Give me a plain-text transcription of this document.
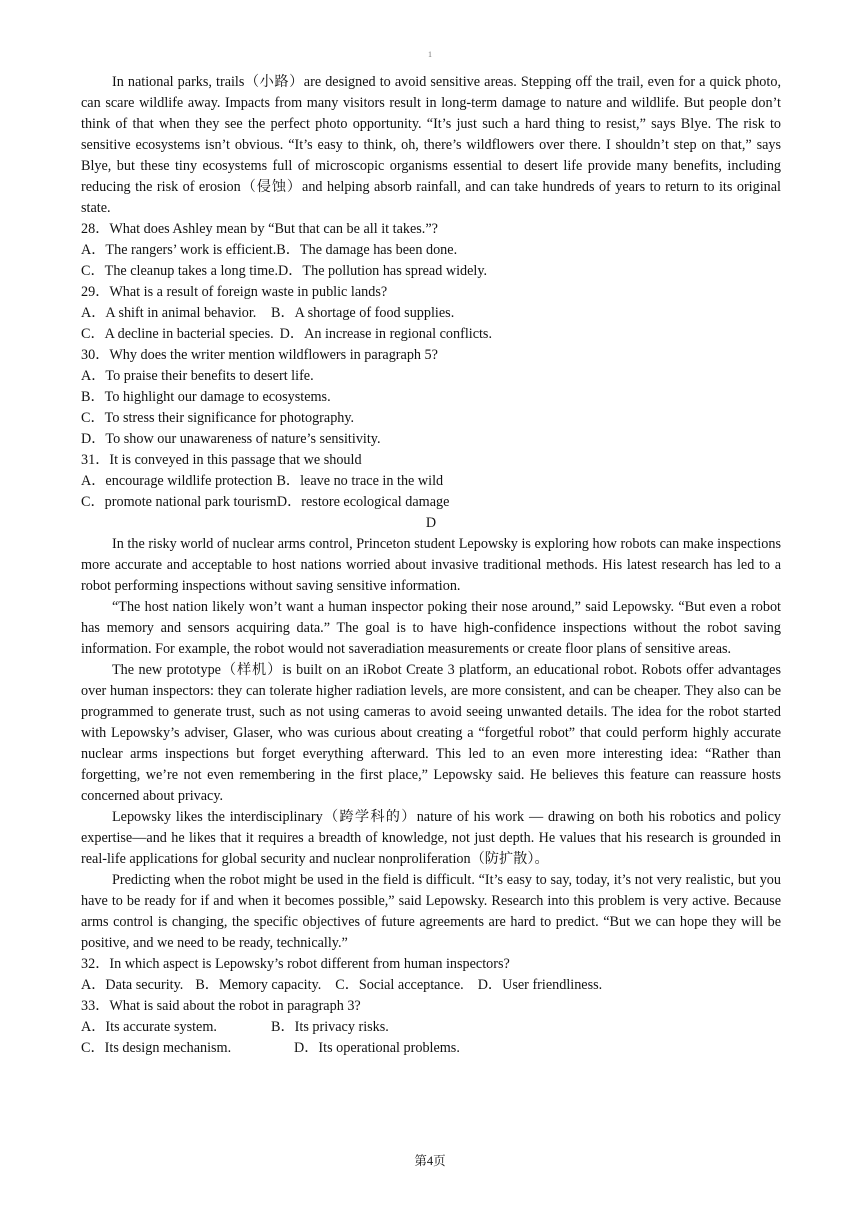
1

In national parks, trails（小路）are designed to avoid sensitive areas. Stepping off the trail, even for a quick photo, can scare wildlife away. Impacts from many visitors result in long-term damage to nature and wildlife. But people don’t think of that when they see the perfect photo opportunity. “It’s just such a hard thing to resist,” says Blye. The risk to sensitive ecosystems isn’t obvious. “It’s easy to think, oh, there’s wildflowers over there. I shouldn’t step on that,” says Blye, but these tiny ecosystems full of microscopic organisms essential to desert life provide many benefits, including reducing the risk of erosion（侵蚀）and helping absorb rainfall, and can take hundreds of years to return to its original state.

28．What does Ashley mean by “But that can be all it takes.”?

A．The rangers’ work is efficient. B．The damage has been done.

C．The cleanup takes a long time. D．The pollution has spread widely.

29．What is a result of foreign waste in public lands?

A．A shift in animal behavior.	B．A shortage of food supplies.

C．A decline in bacterial species. D．An increase in regional conflicts.

30．Why does the writer mention wildflowers in paragraph 5?

A．To praise their benefits to desert life.

B．To highlight our damage to ecosystems.

C．To stress their significance for photography.

D．To show our unawareness of nature’s sensitivity.

31．It is conveyed in this passage that we should

A．encourage wildlife protection B．leave no trace in the wild

C．promote national park tourism D．restore ecological damage

D

In the risky world of nuclear arms control, Princeton student Lepowsky is exploring how robots can make inspections more accurate and acceptable to host nations worried about invasive traditional methods. His latest research has led to a robot performing inspections without saving sensitive information.

“The host nation likely won’t want a human inspector poking their nose around,” said Lepowsky. “But even a robot has memory and sensors acquiring data.” The goal is to have high-confidence inspections without the robot saving information. For example, the robot would not saveradiation measurements or create floor plans of sensitive areas.

The new prototype（样机）is built on an iRobot Create 3 platform, an educational robot. Robots offer advantages over human inspectors: they can tolerate higher radiation levels, are more consistent, and can be cheaper. They also can be programmed to generate trust, such as not using cameras to avoid seeing unwanted details. The idea for the robot started with Lepowsky’s adviser, Glaser, who was curious about creating a “forgetful robot” that could perform highly accurate nuclear arms inspections but forget everything afterward. This led to an even more interesting idea: “Rather than forgetting, we’re not even remembering in the first place,” Lepowsky said. He believes this feature can reassure hosts concerned about privacy.

Lepowsky likes the interdisciplinary（跨学科的）nature of his work — drawing on both his robotics and policy expertise—and he likes that it requires a breadth of knowledge, not just depth. He values that his research is grounded in real-life applications for global security and nuclear nonproliferation（防扩散）。

Predicting when the robot might be used in the field is difficult. “It’s easy to say, today, it’s not very realistic, but you have to be ready for if and when it becomes possible,” said Lepowsky. Research into this problem is very active. Because arms control is changing, the specific objectives of future agreements are hard to predict. “But we can hope they will be positive, and we need to be ready, technically.”

32．In which aspect is Lepowsky’s robot different from human inspectors?

A．Data security. B．Memory capacity. C．Social acceptance. D．User friendliness.

33．What is said about the robot in paragraph 3?

A．Its accurate system.	B．Its privacy risks.

C．Its design mechanism.	D．Its operational problems.

第4页
